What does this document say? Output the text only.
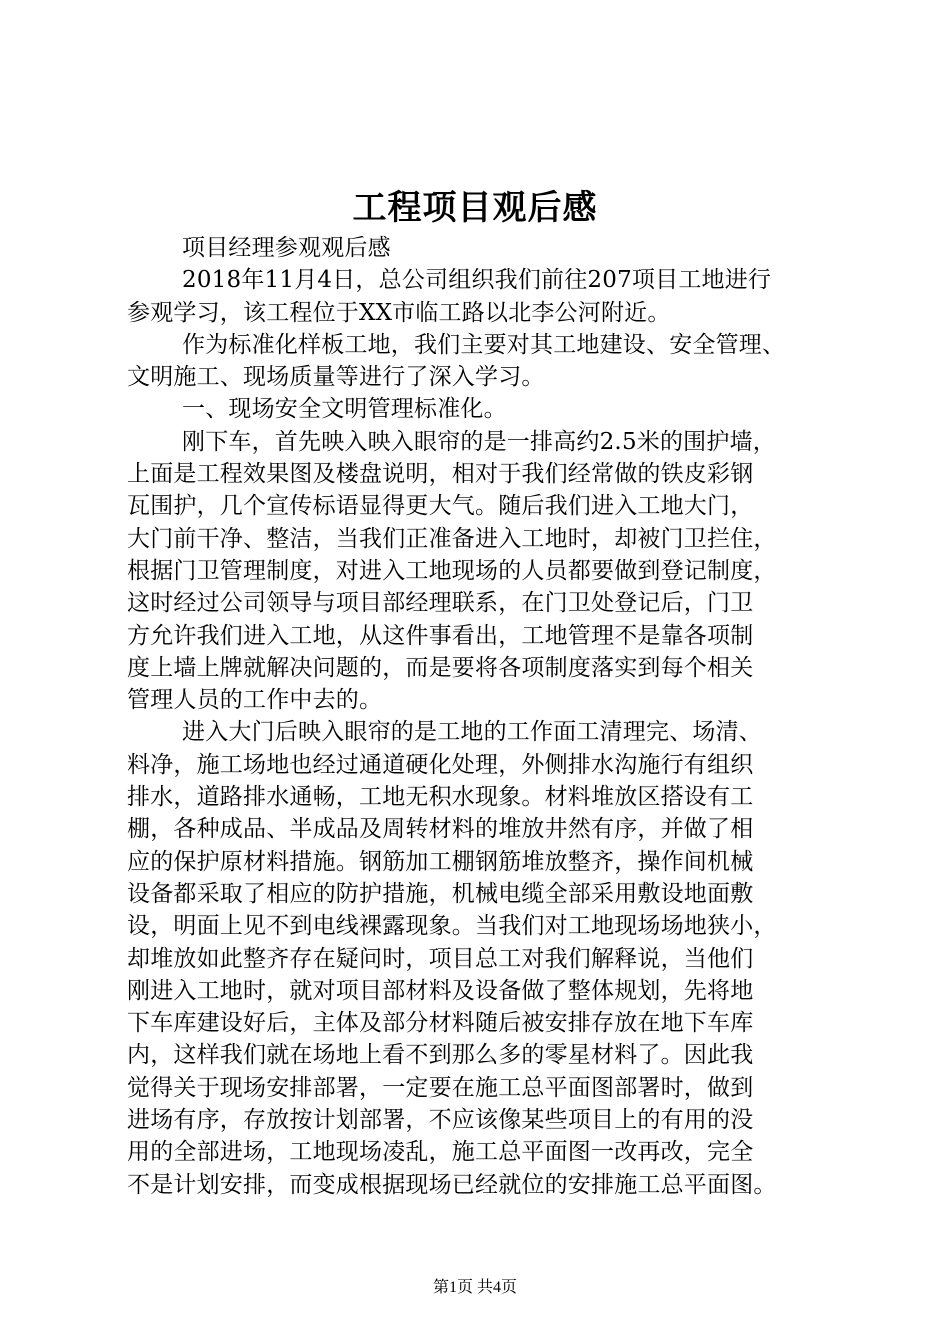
工程项目观后感
项目经理参观观后感
2018年11月4日，总公司组织我们前往207项目工地进行
参观学习，该工程位于XX市临工路以北李公河附近。
作为标准化样板工地，我们主要对其工地建设、安全管理、
文明施工、现场质量等进行了深入学习。
一、现场安全文明管理标准化。
刚下车，首先映入映入眼帘的是一排高约2.5米的围护墙，
上面是工程效果图及楼盘说明，相对于我们经常做的铁皮彩钢
瓦围护，几个宣传标语显得更大气。随后我们进入工地大门，
大门前干净、整洁，当我们正准备进入工地时，却被门卫拦住，
根据门卫管理制度，对进入工地现场的人员都要做到登记制度，
这时经过公司领导与项目部经理联系，在门卫处登记后，门卫
方允许我们进入工地，从这件事看出，工地管理不是靠各项制
度上墙上牌就解决问题的，而是要将各项制度落实到每个相关
管理人员的工作中去的。
进入大门后映入眼帘的是工地的工作面工清理完、场清、
料净，施工场地也经过通道硬化处理，外侧排水沟施行有组织
排水，道路排水通畅，工地无积水现象。材料堆放区搭设有工
棚，各种成品、半成品及周转材料的堆放井然有序，并做了相
应的保护原材料措施。钢筋加工棚钢筋堆放整齐，操作间机械
设备都采取了相应的防护措施，机械电缆全部采用敷设地面敷
设，明面上见不到电线裸露现象。当我们对工地现场场地狭小，
却堆放如此整齐存在疑问时，项目总工对我们解释说，当他们
刚进入工地时，就对项目部材料及设备做了整体规划，先将地
下车库建设好后，主体及部分材料随后被安排存放在地下车库
内，这样我们就在场地上看不到那么多的零星材料了。因此我
觉得关于现场安排部署，一定要在施工总平面图部署时，做到
进场有序，存放按计划部署，不应该像某些项目上的有用的没
用的全部进场，工地现场凌乱，施工总平面图一改再改，完全
不是计划安排，而变成根据现场已经就位的安排施工总平面图。
第1页 共4页
